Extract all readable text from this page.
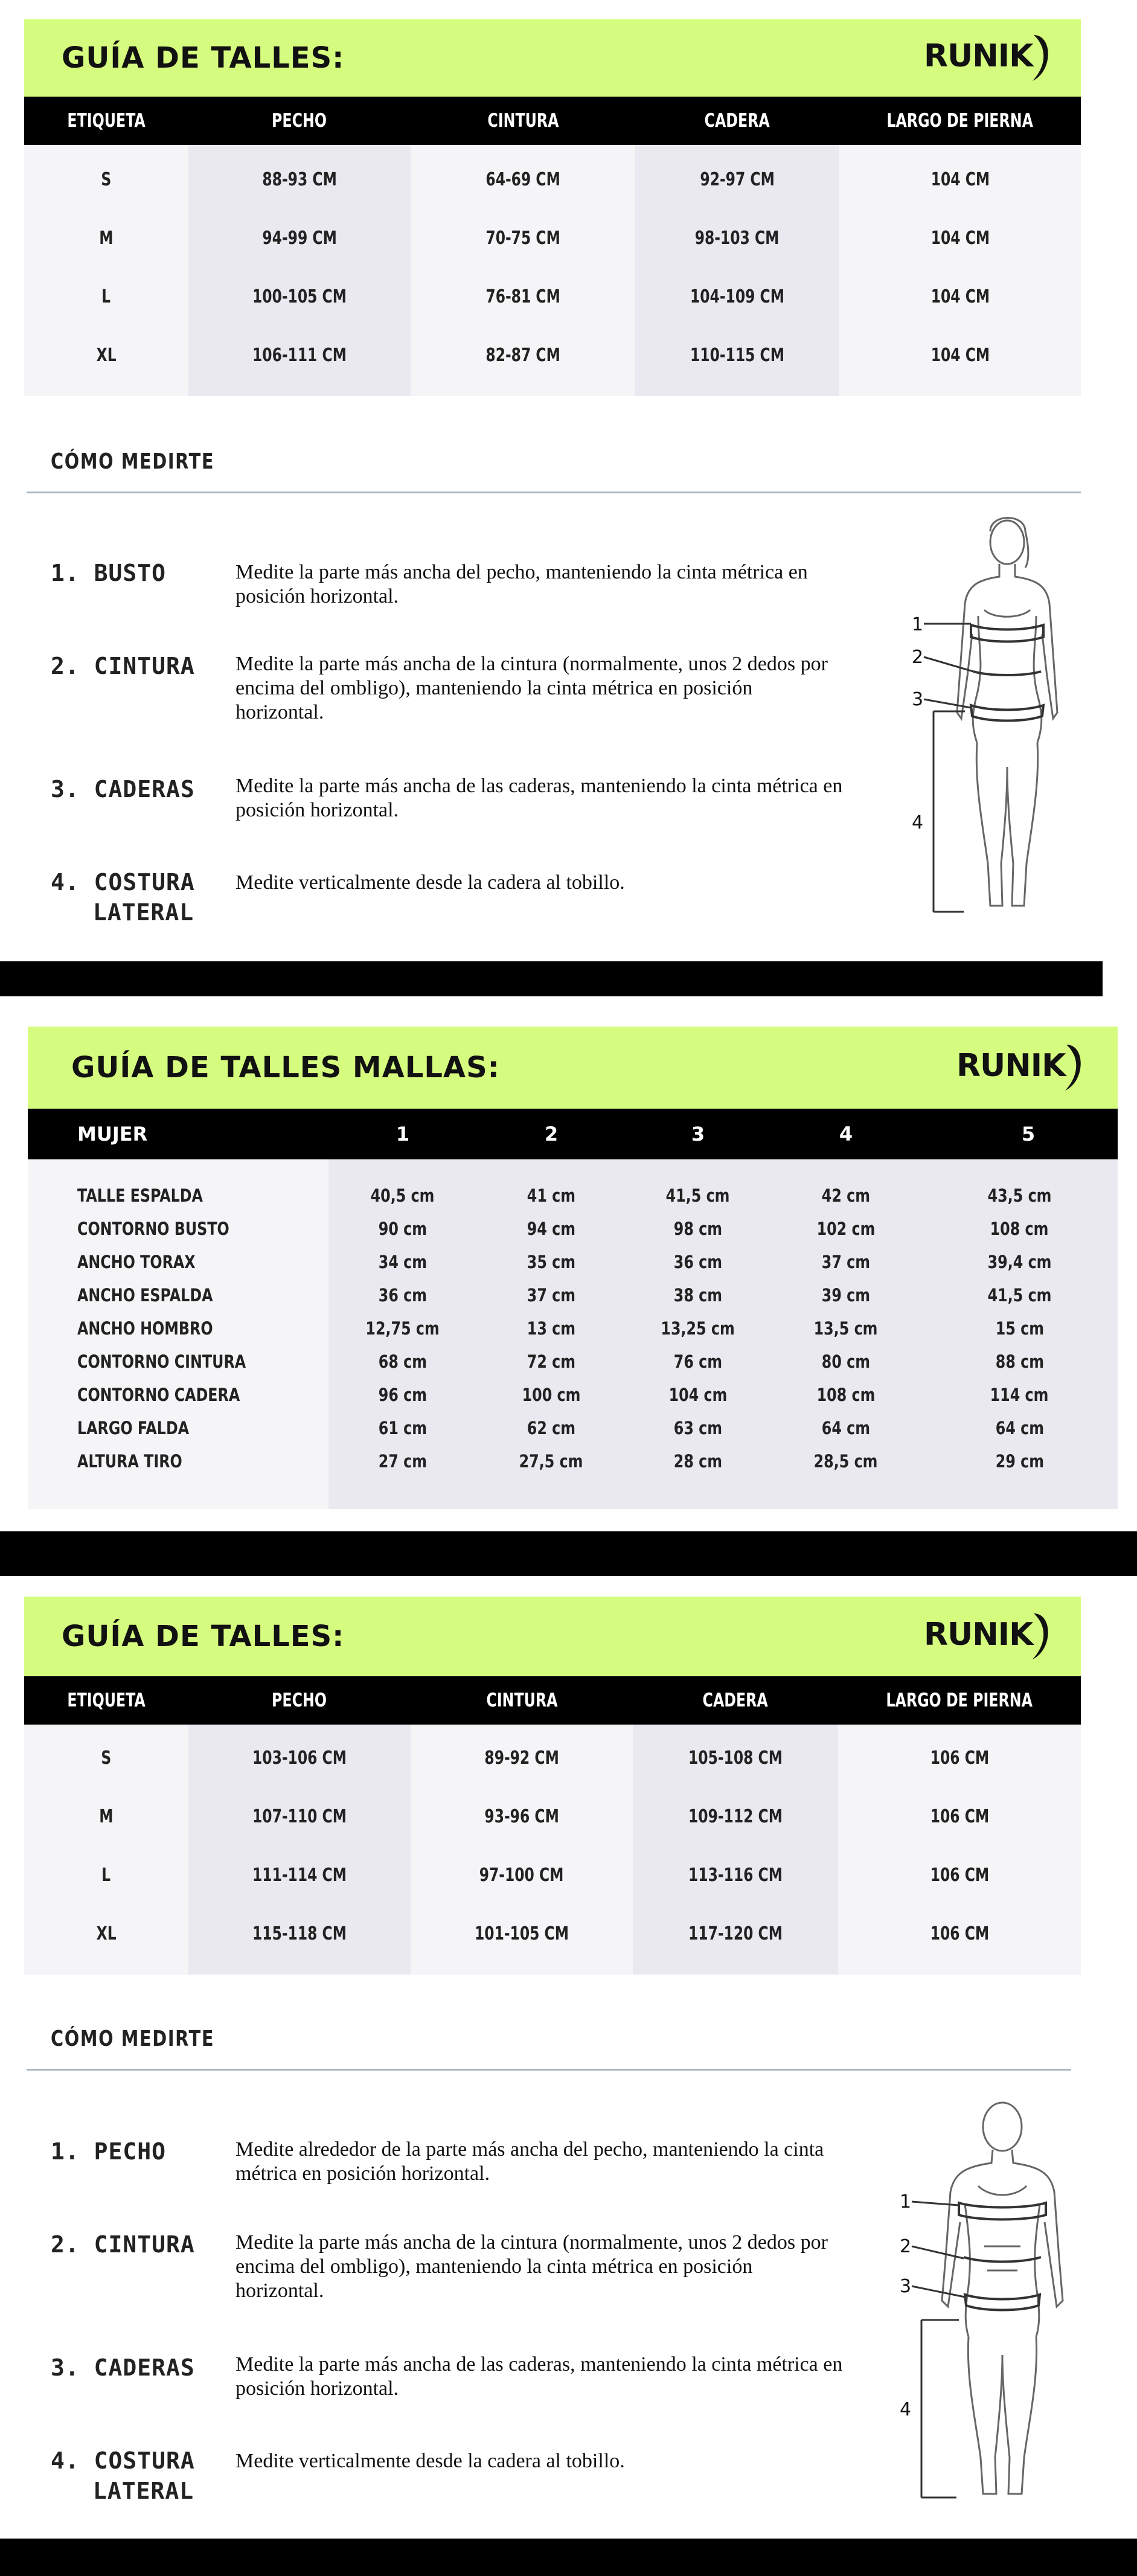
GUÍA DE TALLES:	RUNIK
ETIQUETA	PECHO	CINTURA	CADERA	LARGO DE PIERNA
S	88-93 CM	64-69 CM	92-97 CM	104 CM
M	94-99 CM	70-75 CM	98-103 CM	104 CM
L	100-105 CM	76-81 CM	104-109 CM	104 CM
XL	106-111 CM	82-87 CM	110-115 CM	104 CM
CÓMO MEDIRTE
1. BUSTO	Medite la parte más ancha del pecho, manteniendo la cinta métrica en posición horizontal.
2. CINTURA Medite la parte más ancha de la cintura (normalmente, unos 2 dedos por encima del ombligo), manteniendo la cinta métrica en posición horizontal.
3. CADERAS Medite la parte más ancha de las caderas, manteniendo la cinta métrica en posición horizontal.
4. COSTURA
LATERAL
Medite verticalmente desde la cadera al tobillo.
1
2
3
4
GUÍA DE TALLES MALLAS:	RUNIK
MUJER	1	2	3	4	5

TALLE ESPALDA	40,5 cm	41 cm	41,5 cm	42 cm	43,5 cm
CONTORNO BUSTO	90 cm	94 cm	98 cm	102 cm	108 cm
ANCHO TORAX	34 cm	35 cm	36 cm	37 cm	39,4 cm
ANCHO ESPALDA	36 cm	37 cm	38 cm	39 cm	41,5 cm
ANCHO HOMBRO	12,75 cm	13 cm	13,25 cm	13,5 cm	15 cm
CONTORNO CINTURA	68 cm	72 cm	76 cm	80 cm	88 cm
CONTORNO CADERA	96 cm	100 cm	104 cm	108 cm	114 cm
LARGO FALDA	61 cm	62 cm	63 cm	64 cm	64 cm
ALTURA TIRO	27 cm	27,5 cm	28 cm	28,5 cm	29 cm

GUÍA DE TALLES:	RUNIK
ETIQUETA	PECHO	CINTURA	CADERA	LARGO DE PIERNA
S	103-106 CM	89-92 CM	105-108 CM	106 CM
M	107-110 CM	93-96 CM	109-112 CM	106 CM
L	111-114 CM	97-100 CM	113-116 CM	106 CM
XL	115-118 CM	101-105 CM	117-120 CM	106 CM
CÓMO MEDIRTE
1. PECHO	Medite alrededor de la parte más ancha del pecho, manteniendo la cinta métrica en posición horizontal.
2. CINTURA Medite la parte más ancha de la cintura (normalmente, unos 2 dedos por encima del ombligo), manteniendo la cinta métrica en posición horizontal.
3. CADERAS Medite la parte más ancha de las caderas, manteniendo la cinta métrica en posición horizontal.
4. COSTURA
LATERAL
Medite verticalmente desde la cadera al tobillo.
1
2
3
4
